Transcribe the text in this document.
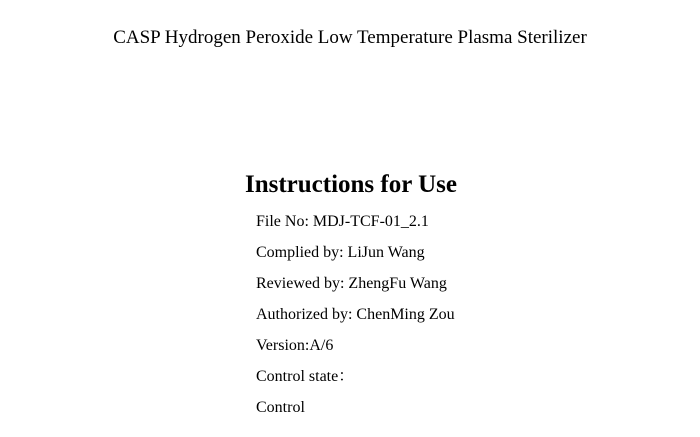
CASP Hydrogen Peroxide Low Temperature Plasma Sterilizer
Instructions for Use
File No: MDJ-TCF-01_2.1
Complied by: LiJun Wang
Reviewed by: ZhengFu Wang
Authorized by: ChenMing Zou
Version:A/6
Control state：
Control
